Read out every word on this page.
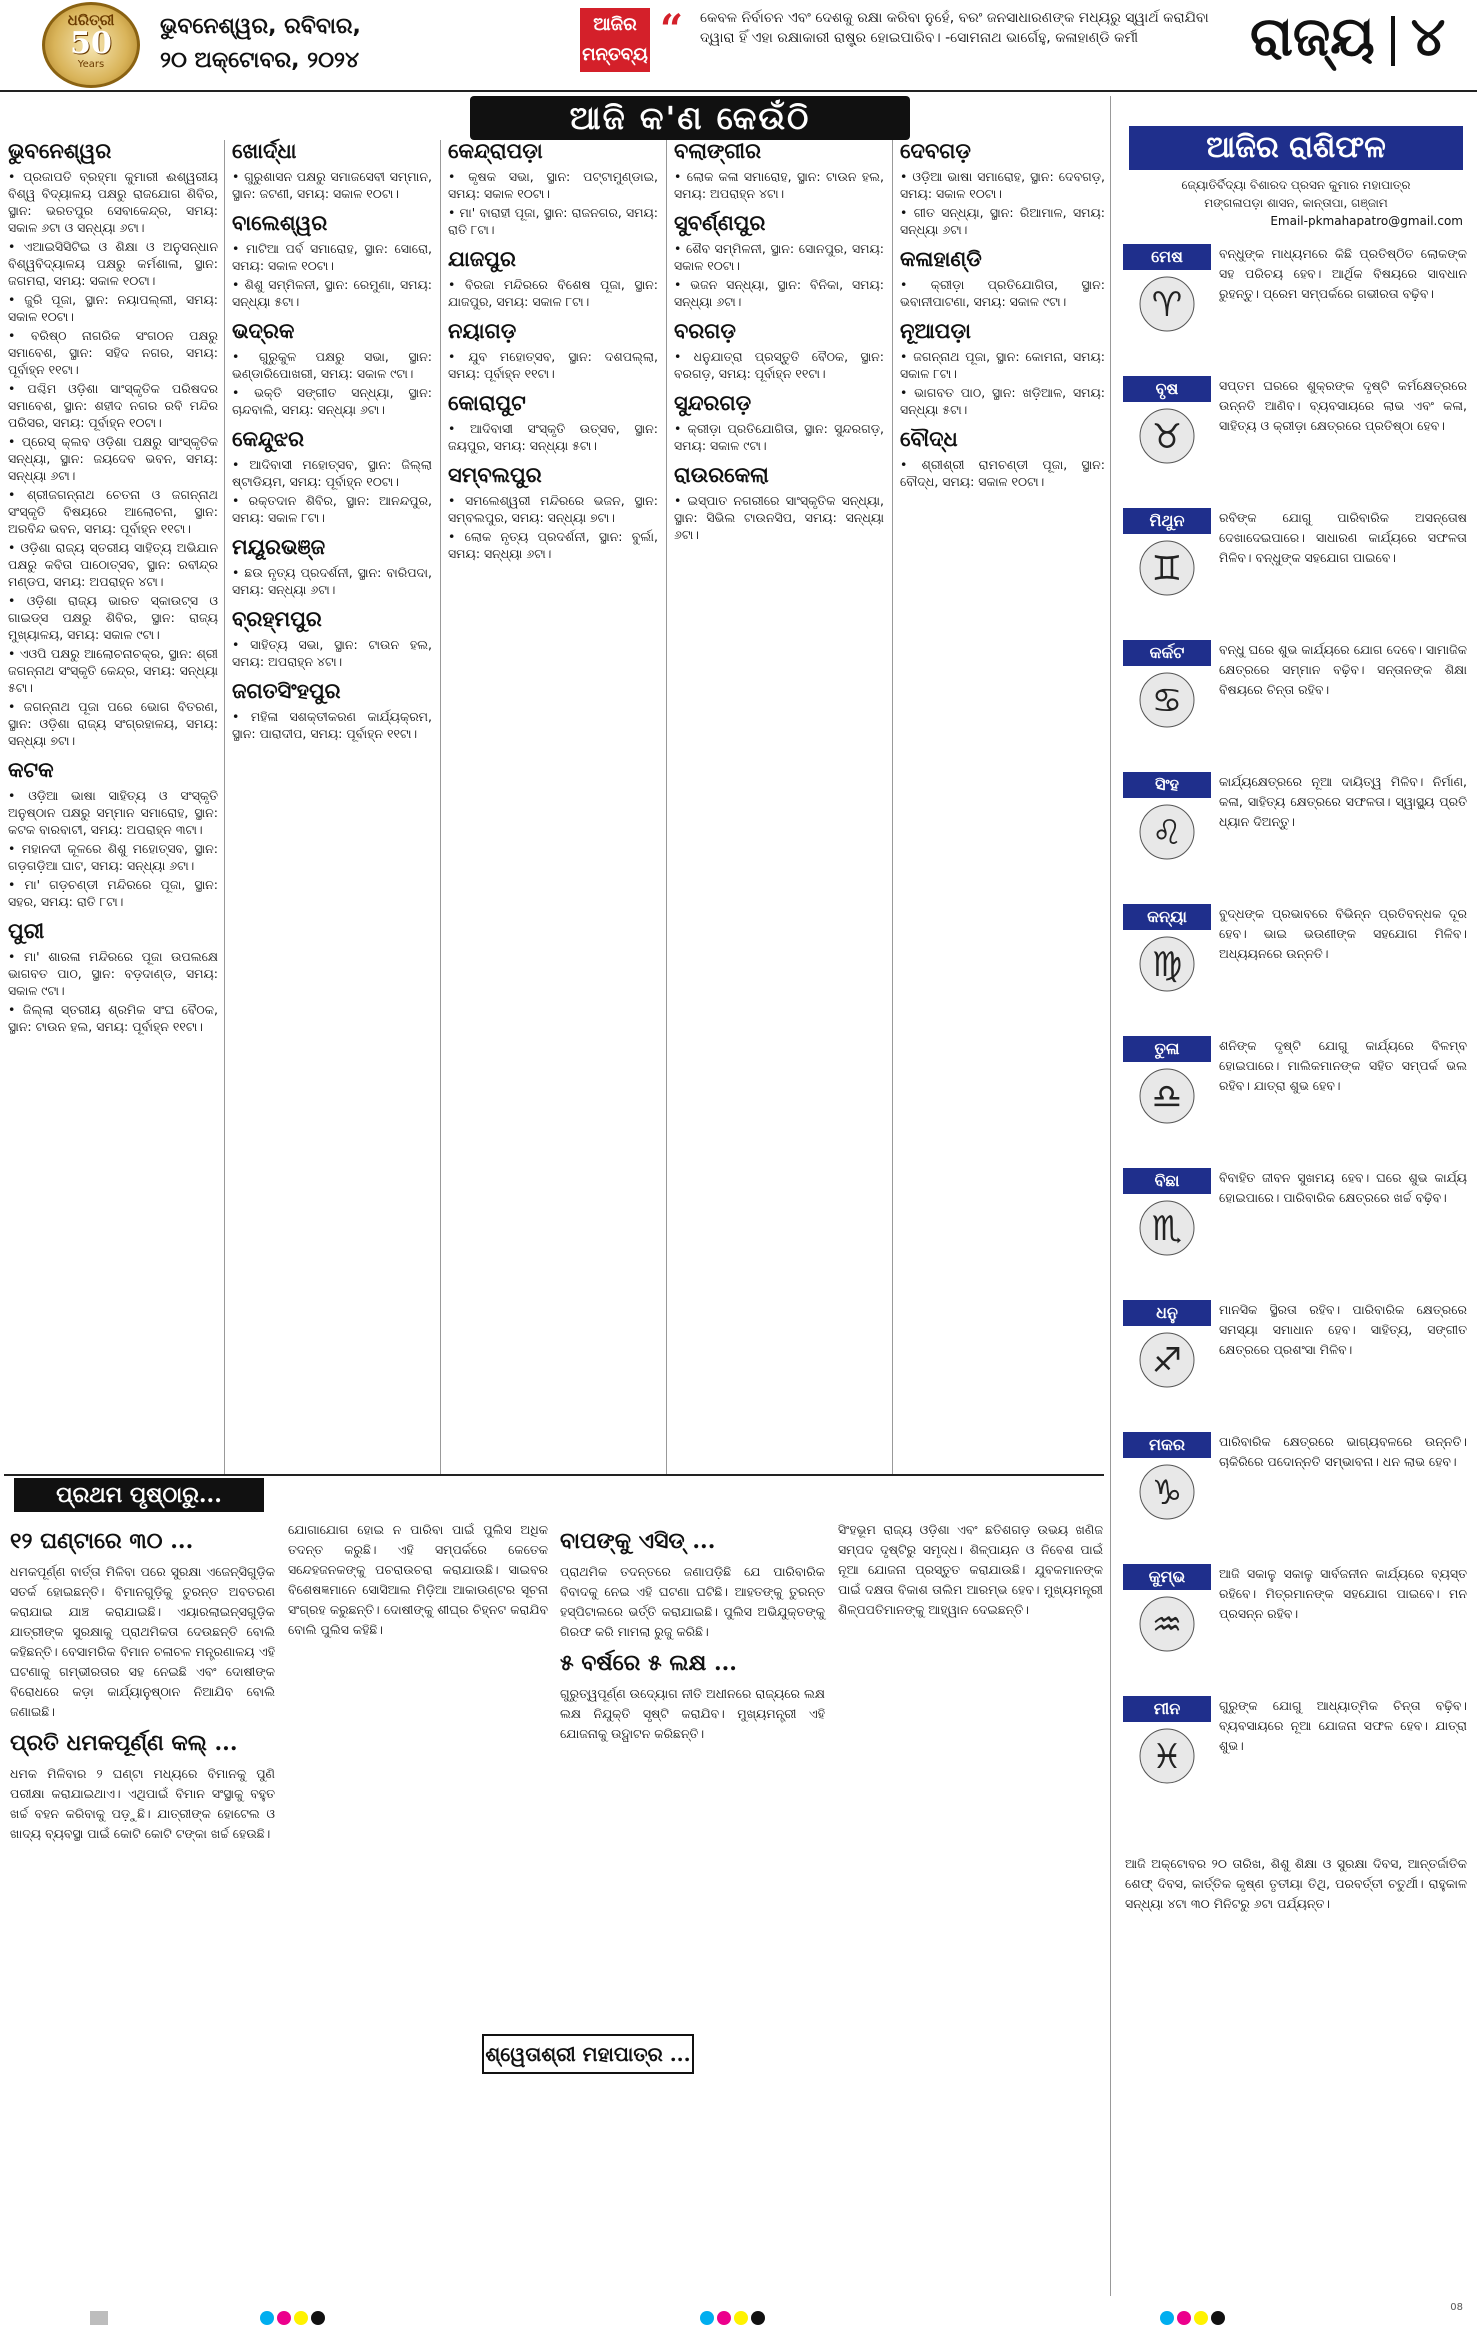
ଧରିତ୍ରୀ
50
Years
ଭୁବନେଶ୍ୱର, ରବିବାର,
୨୦ ଅକ୍ଟୋବର, ୨୦୨୪
ଆଜିର
ମନ୍ତବ୍ୟ
“ କେବଳ ନିର୍ବାଚନ ଏବଂ ଦେଶକୁ ରକ୍ଷା କରିବା ନୁହେଁ, ବରଂ ଜନସାଧାରଣଙ୍କ ମଧ୍ୟରୁ ସ୍ୱାର୍ଥ କରାଯିବା ଦ୍ୱାରା ହିଁ ଏହା ରକ୍ଷାକାରୀ ରାଷ୍ଟ୍ର ହୋଇପାରିବ। -ସୋମନାଥ ଭାର୍ଗେହୁ, କଳାହାଣ୍ଡି କର୍ମୀ	ରାଜ୍ୟ ୪
ଆଜି କ'ଣ କେଉଁଠି
ଭୁବନେଶ୍ୱର
• ପ୍ରଜାପତି ବ୍ରହ୍ମା କୁମାରୀ ଈଶ୍ୱରୀୟ ବିଶ୍ୱ ବିଦ୍ୟାଳୟ ପକ୍ଷରୁ ରାଜଯୋଗ ଶିବିର, ସ୍ଥାନ: ଭରତପୁର ସେବାକେନ୍ଦ୍ର, ସମୟ: ସକାଳ ୬ଟା ଓ ସନ୍ଧ୍ୟା ୬ଟା।
• ଏଆଇସିସିଟିଇ ଓ ଶିକ୍ଷା ଓ ଅନୁସନ୍ଧାନ ବିଶ୍ୱବିଦ୍ୟାଳୟ ପକ୍ଷରୁ କର୍ମଶାଳା, ସ୍ଥାନ: ଜଗମରା, ସମୟ: ସକାଳ ୧୦ଟା।
• ଜୁରି ପୂଜା, ସ୍ଥାନ: ନୟାପଲ୍ଲୀ, ସମୟ: ସକାଳ ୧୦ଟା।
• ବରିଷ୍ଠ ନାଗରିକ ସଂଗଠନ ପକ୍ଷରୁ ସମାବେଶ, ସ୍ଥାନ: ସହିଦ ନଗର, ସମୟ: ପୂର୍ବାହ୍ନ ୧୧ଟା।
• ପଶ୍ଚିମ ଓଡ଼ିଶା ସାଂସ୍କୃତିକ ପରିଷଦର ସମାବେଶ, ସ୍ଥାନ: ଶହୀଦ ନଗର ରବି ମନ୍ଦିର ପରିସର, ସମୟ: ପୂର୍ବାହ୍ନ ୧୦ଟା।
• ପ୍ରେସ୍ କ୍ଲବ ଓଡ଼ିଶା ପକ୍ଷରୁ ସାଂସ୍କୃତିକ ସନ୍ଧ୍ୟା, ସ୍ଥାନ: ଜୟଦେବ ଭବନ, ସମୟ: ସନ୍ଧ୍ୟା ୬ଟା।
• ଶ୍ରୀଜଗନ୍ନାଥ ଚେତନା ଓ ଜଗନ୍ନାଥ ସଂସ୍କୃତି ବିଷୟରେ ଆଲୋଚନା, ସ୍ଥାନ: ଅରବିନ୍ଦ ଭବନ, ସମୟ: ପୂର୍ବାହ୍ନ ୧୧ଟା।
• ଓଡ଼ିଶା ରାଜ୍ୟ ସ୍ତରୀୟ ସାହିତ୍ୟ ଅଭିଯାନ ପକ୍ଷରୁ କବିତା ପାଠୋତ୍ସବ, ସ୍ଥାନ: ରବୀନ୍ଦ୍ର ମଣ୍ଡପ, ସମୟ: ଅପରାହ୍ନ ୪ଟା।
• ଓଡ଼ିଶା ରାଜ୍ୟ ଭାରତ ସ୍କାଉଟ୍ସ ଓ ଗାଇଡ୍ସ ପକ୍ଷରୁ ଶିବିର, ସ୍ଥାନ: ରାଜ୍ୟ ମୁଖ୍ୟାଳୟ, ସମୟ: ସକାଳ ୯ଟା।
• ଏଓପି ପକ୍ଷରୁ ଆଲୋଚନାଚକ୍ର, ସ୍ଥାନ: ଶ୍ରୀ ଜଗନ୍ନାଥ ସଂସ୍କୃତି କେନ୍ଦ୍ର, ସମୟ: ସନ୍ଧ୍ୟା ୫ଟା।
• ଜଗନ୍ନାଥ ପୂଜା ପରେ ଭୋଗ ବିତରଣ, ସ୍ଥାନ: ଓଡ଼ିଶା ରାଜ୍ୟ ସଂଗ୍ରହାଳୟ, ସମୟ: ସନ୍ଧ୍ୟା ୭ଟା।
କଟକ
• ଓଡ଼ିଆ ଭାଷା ସାହିତ୍ୟ ଓ ସଂସ୍କୃତି ଅନୁଷ୍ଠାନ ପକ୍ଷରୁ ସମ୍ମାନ ସମାରୋହ, ସ୍ଥାନ: କଟକ ବାରବାଟୀ, ସମୟ: ଅପରାହ୍ନ ୩ଟା।
• ମହାନଦୀ କୂଳରେ ଶିଶୁ ମହୋତ୍ସବ, ସ୍ଥାନ: ଗଡ଼ଗଡ଼ିଆ ଘାଟ, ସମୟ: ସନ୍ଧ୍ୟା ୬ଟା।
• ମା' ଗଡ଼ଚଣ୍ଡୀ ମନ୍ଦିରରେ ପୂଜା, ସ୍ଥାନ: ସହର, ସମୟ: ରାତି ୮ଟା।
ପୁରୀ
• ମା' ଶାରଳା ମନ୍ଦିରରେ ପୂଜା ଉପଲକ୍ଷେ ଭାଗବତ ପାଠ, ସ୍ଥାନ: ବଡ଼ଦାଣ୍ଡ, ସମୟ: ସକାଳ ୯ଟା।
• ଜିଲ୍ଲା ସ୍ତରୀୟ ଶ୍ରମିକ ସଂଘ ବୈଠକ, ସ୍ଥାନ: ଟାଉନ ହଲ, ସମୟ: ପୂର୍ବାହ୍ନ ୧୧ଟା।
ଖୋର୍ଦ୍ଧା
• ଗୁରୁଶାସନ ପକ୍ଷରୁ ସମାଜସେବୀ ସମ୍ମାନ, ସ୍ଥାନ: ଜଟଣୀ, ସମୟ: ସକାଳ ୧୦ଟା।
ବାଲେଶ୍ୱର
• ମାଟିଆ ପର୍ବ ସମାରୋହ, ସ୍ଥାନ: ସୋରୋ, ସମୟ: ସକାଳ ୧୦ଟା।
• ଶିଶୁ ସମ୍ମିଳନୀ, ସ୍ଥାନ: ରେମୁଣା, ସମୟ: ସନ୍ଧ୍ୟା ୫ଟା।
ଭଦ୍ରକ
• ଗୁରୁକୁଳ ପକ୍ଷରୁ ସଭା, ସ୍ଥାନ: ଭଣ୍ଡାରିପୋଖରୀ, ସମୟ: ସକାଳ ୯ଟା।
• ଭକ୍ତି ସଙ୍ଗୀତ ସନ୍ଧ୍ୟା, ସ୍ଥାନ: ଚାନ୍ଦବାଲି, ସମୟ: ସନ୍ଧ୍ୟା ୬ଟା।
କେନ୍ଦୁଝର
• ଆଦିବାସୀ ମହୋତ୍ସବ, ସ୍ଥାନ: ଜିଲ୍ଲା ଷ୍ଟାଡିୟମ, ସମୟ: ପୂର୍ବାହ୍ନ ୧୦ଟା।
• ରକ୍ତଦାନ ଶିବିର, ସ୍ଥାନ: ଆନନ୍ଦପୁର, ସମୟ: ସକାଳ ୮ଟା।
ମୟୂରଭଞ୍ଜ
• ଛଉ ନୃତ୍ୟ ପ୍ରଦର୍ଶନୀ, ସ୍ଥାନ: ବାରିପଦା, ସମୟ: ସନ୍ଧ୍ୟା ୬ଟା।
ବ୍ରହ୍ମପୁର
• ସାହିତ୍ୟ ସଭା, ସ୍ଥାନ: ଟାଉନ ହଲ, ସମୟ: ଅପରାହ୍ନ ୪ଟା।
ଜଗତସିଂହପୁର
• ମହିଳା ସଶକ୍ତୀକରଣ କାର୍ଯ୍ୟକ୍ରମ, ସ୍ଥାନ: ପାରାଦୀପ, ସମୟ: ପୂର୍ବାହ୍ନ ୧୧ଟା।
କେନ୍ଦ୍ରାପଡ଼ା
• କୃଷକ ସଭା, ସ୍ଥାନ: ପଟ୍ଟାମୁଣ୍ଡାଇ, ସମୟ: ସକାଳ ୧୦ଟା।
• ମା' ବାରାହୀ ପୂଜା, ସ୍ଥାନ: ରାଜନଗର, ସମୟ: ରାତି ୮ଟା।
ଯାଜପୁର
• ବିରଜା ମନ୍ଦିରରେ ବିଶେଷ ପୂଜା, ସ୍ଥାନ: ଯାଜପୁର, ସମୟ: ସକାଳ ୮ଟା।
ନୟାଗଡ଼
• ଯୁବ ମହୋତ୍ସବ, ସ୍ଥାନ: ଦଶପଲ୍ଲା, ସମୟ: ପୂର୍ବାହ୍ନ ୧୧ଟା।
କୋରାପୁଟ
• ଆଦିବାସୀ ସଂସ୍କୃତି ଉତ୍ସବ, ସ୍ଥାନ: ଜୟପୁର, ସମୟ: ସନ୍ଧ୍ୟା ୫ଟା।
ସମ୍ବଲପୁର
• ସମଲେଶ୍ୱରୀ ମନ୍ଦିରରେ ଭଜନ, ସ୍ଥାନ: ସମ୍ବଲପୁର, ସମୟ: ସନ୍ଧ୍ୟା ୭ଟା।
• ଲୋକ ନୃତ୍ୟ ପ୍ରଦର୍ଶନୀ, ସ୍ଥାନ: ବୁର୍ଲା, ସମୟ: ସନ୍ଧ୍ୟା ୬ଟା।
ବଲାଙ୍ଗୀର
• ଲୋକ କଳା ସମାରୋହ, ସ୍ଥାନ: ଟାଉନ ହଲ, ସମୟ: ଅପରାହ୍ନ ୪ଟା।
ସୁବର୍ଣ୍ଣପୁର
• ଶୈବ ସମ୍ମିଳନୀ, ସ୍ଥାନ: ସୋନପୁର, ସମୟ: ସକାଳ ୧୦ଟା।
• ଭଜନ ସନ୍ଧ୍ୟା, ସ୍ଥାନ: ବିନିକା, ସମୟ: ସନ୍ଧ୍ୟା ୬ଟା।
ବରଗଡ଼
• ଧନୁଯାତ୍ରା ପ୍ରସ୍ତୁତି ବୈଠକ, ସ୍ଥାନ: ବରଗଡ଼, ସମୟ: ପୂର୍ବାହ୍ନ ୧୧ଟା।
ସୁନ୍ଦରଗଡ଼
• କ୍ରୀଡ଼ା ପ୍ରତିଯୋଗିତା, ସ୍ଥାନ: ସୁନ୍ଦରଗଡ଼, ସମୟ: ସକାଳ ୯ଟା।
ରାଉରକେଲା
• ଇସ୍ପାତ ନଗରୀରେ ସାଂସ୍କୃତିକ ସନ୍ଧ୍ୟା, ସ୍ଥାନ: ସିଭିଲ ଟାଉନସିପ, ସମୟ: ସନ୍ଧ୍ୟା ୬ଟା।
ଦେବଗଡ଼
• ଓଡ଼ିଆ ଭାଷା ସମାରୋହ, ସ୍ଥାନ: ଦେବଗଡ଼, ସମୟ: ସକାଳ ୧୦ଟା।
• ଗୀତ ସନ୍ଧ୍ୟା, ସ୍ଥାନ: ରିଆମାଳ, ସମୟ: ସନ୍ଧ୍ୟା ୬ଟା।
କଳାହାଣ୍ଡି
• କ୍ରୀଡ଼ା ପ୍ରତିଯୋଗିତା, ସ୍ଥାନ: ଭବାନୀପାଟଣା, ସମୟ: ସକାଳ ୯ଟା।
ନୂଆପଡ଼ା
• ଜଗନ୍ନାଥ ପୂଜା, ସ୍ଥାନ: କୋମନା, ସମୟ: ସକାଳ ୮ଟା।
• ଭାଗବତ ପାଠ, ସ୍ଥାନ: ଖଡ଼ିଆଳ, ସମୟ: ସନ୍ଧ୍ୟା ୫ଟା।
ବୌଦ୍ଧ
• ଶ୍ରୀଶ୍ରୀ ରାମଚଣ୍ଡୀ ପୂଜା, ସ୍ଥାନ: ବୌଦ୍ଧ, ସମୟ: ସକାଳ ୧୦ଟା।
ଆଜିର ରାଶିଫଳ
ଜ୍ୟୋତିର୍ବିଦ୍ୟା ବିଶାରଦ ପ୍ରସନ କୁମାର ମହାପାତ୍ର
ମଙ୍ଗଳାପଡ଼ା ଶାସନ, କାନ୍ତାପା, ଗଞ୍ଜାମ
Email-pkmahapatro@gmail.com
ମେଷ
♈
ବନ୍ଧୁଙ୍କ ମାଧ୍ୟମରେ କିଛି ପ୍ରତିଷ୍ଠିତ ଲୋକଙ୍କ ସହ ପରିଚୟ ହେବ। ଆର୍ଥିକ ବିଷୟରେ ସାବଧାନ ରୁହନ୍ତୁ। ପ୍ରେମ ସମ୍ପର୍କରେ ଗଭୀରତା ବଢ଼ିବ।
ବୃଷ
♉
ସପ୍ତମ ଘରରେ ଶୁକ୍ରଙ୍କ ଦୃଷ୍ଟି କର୍ମକ୍ଷେତ୍ରରେ ଉନ୍ନତି ଆଣିବ। ବ୍ୟବସାୟରେ ଲାଭ ଏବଂ କଳା, ସାହିତ୍ୟ ଓ କ୍ରୀଡ଼ା କ୍ଷେତ୍ରରେ ପ୍ରତିଷ୍ଠା ହେବ।
ମିଥୁନ
♊
ରବିଙ୍କ ଯୋଗୁ ପାରିବାରିକ ଅସନ୍ତୋଷ ଦେଖାଦେଇପାରେ। ସାଧାରଣ କାର୍ଯ୍ୟରେ ସଫଳତା ମିଳିବ। ବନ୍ଧୁଙ୍କ ସହଯୋଗ ପାଇବେ।
କର୍କଟ
♋
ବନ୍ଧୁ ଘରେ ଶୁଭ କାର୍ଯ୍ୟରେ ଯୋଗ ଦେବେ। ସାମାଜିକ କ୍ଷେତ୍ରରେ ସମ୍ମାନ ବଢ଼ିବ। ସନ୍ତାନଙ୍କ ଶିକ୍ଷା ବିଷୟରେ ଚିନ୍ତା ରହିବ।
ସିଂହ
♌
କାର୍ଯ୍ୟକ୍ଷେତ୍ରରେ ନୂଆ ଦାୟିତ୍ୱ ମିଳିବ। ନିର୍ମାଣ, କଳା, ସାହିତ୍ୟ କ୍ଷେତ୍ରରେ ସଫଳତା। ସ୍ୱାସ୍ଥ୍ୟ ପ୍ରତି ଧ୍ୟାନ ଦିଅନ୍ତୁ।
କନ୍ୟା
♍
ବୁଦ୍ଧଙ୍କ ପ୍ରଭାବରେ ବିଭିନ୍ନ ପ୍ରତିବନ୍ଧକ ଦୂର ହେବ। ଭାଇ ଭଉଣୀଙ୍କ ସହଯୋଗ ମିଳିବ। ଅଧ୍ୟୟନରେ ଉନ୍ନତି।
ତୁଳା
♎
ଶନିଙ୍କ ଦୃଷ୍ଟି ଯୋଗୁ କାର୍ଯ୍ୟରେ ବିଳମ୍ବ ହୋଇପାରେ। ମାଲିକମାନଙ୍କ ସହିତ ସମ୍ପର୍କ ଭଲ ରହିବ। ଯାତ୍ରା ଶୁଭ ହେବ।
ବିଛା
♏
ବିବାହିତ ଜୀବନ ସୁଖମୟ ହେବ। ଘରେ ଶୁଭ କାର୍ଯ୍ୟ ହୋଇପାରେ। ପାରିବାରିକ କ୍ଷେତ୍ରରେ ଖର୍ଚ୍ଚ ବଢ଼ିବ।
ଧନୁ
♐
ମାନସିକ ସ୍ଥିରତା ରହିବ। ପାରିବାରିକ କ୍ଷେତ୍ରରେ ସମସ୍ୟା ସମାଧାନ ହେବ। ସାହିତ୍ୟ, ସଙ୍ଗୀତ କ୍ଷେତ୍ରରେ ପ୍ରଶଂସା ମିଳିବ।
ମକର
♑
ପାରିବାରିକ କ୍ଷେତ୍ରରେ ଭାଗ୍ୟବଳରେ ଉନ୍ନତି। ଚାକିରିରେ ପଦୋନ୍ନତି ସମ୍ଭାବନା। ଧନ ଲାଭ ହେବ।
କୁମ୍ଭ
♒
ଆଜି ସକାଳୁ ସକାଳୁ ସାର୍ବଜନୀନ କାର୍ଯ୍ୟରେ ବ୍ୟସ୍ତ ରହିବେ। ମିତ୍ରମାନଙ୍କ ସହଯୋଗ ପାଇବେ। ମନ ପ୍ରସନ୍ନ ରହିବ।
ମୀନ
♓
ଗୁରୁଙ୍କ ଯୋଗୁ ଆଧ୍ୟାତ୍ମିକ ଚିନ୍ତା ବଢ଼ିବ। ବ୍ୟବସାୟରେ ନୂଆ ଯୋଜନା ସଫଳ ହେବ। ଯାତ୍ରା ଶୁଭ।
ଆଜି ଅକ୍ଟୋବର ୨୦ ତାରିଖ, ଶିଶୁ ଶିକ୍ଷା ଓ ସୁରକ୍ଷା ଦିବସ, ଆନ୍ତର୍ଜାତିକ ଶେଫ୍ ଦିବସ, କାର୍ତ୍ତିକ କୃଷ୍ଣ ତୃତୀୟା ତିଥି, ପରବର୍ତ୍ତୀ ଚତୁର୍ଥୀ। ରାହୁକାଳ ସନ୍ଧ୍ୟା ୪ଟା ୩୦ ମିନିଟରୁ ୬ଟା ପର୍ଯ୍ୟନ୍ତ।
ପ୍ରଥମ ପୃଷ୍ଠାରୁ...
୧୨ ଘଣ୍ଟାରେ ୩୦ ...
ଧମକପୂର୍ଣ୍ଣ ବାର୍ତ୍ତା ମିଳିବା ପରେ ସୁରକ୍ଷା ଏଜେନ୍ସିଗୁଡ଼ିକ ସତର୍କ ହୋଇଛନ୍ତି। ବିମାନଗୁଡ଼ିକୁ ତୁରନ୍ତ ଅବତରଣ କରାଯାଇ ଯାଞ୍ଚ କରାଯାଇଛି। ଏୟାରଲାଇନ୍ସଗୁଡ଼ିକ ଯାତ୍ରୀଙ୍କ ସୁରକ୍ଷାକୁ ପ୍ରାଥମିକତା ଦେଉଛନ୍ତି ବୋଲି କହିଛନ୍ତି। ବେସାମରିକ ବିମାନ ଚଳାଚଳ ମନ୍ତ୍ରଣାଳୟ ଏହି ଘଟଣାକୁ ଗମ୍ଭୀରତାର ସହ ନେଇଛି ଏବଂ ଦୋଷୀଙ୍କ ବିରୋଧରେ କଡ଼ା କାର୍ଯ୍ୟାନୁଷ୍ଠାନ ନିଆଯିବ ବୋଲି ଜଣାଇଛି।
ପ୍ରତି ଧମକପୂର୍ଣ୍ଣ କଲ୍ ...
ଧମକ ମିଳିବାର ୨ ଘଣ୍ଟା ମଧ୍ୟରେ ବିମାନକୁ ପୁଣି ପରୀକ୍ଷା କରାଯାଇଥାଏ। ଏଥିପାଇଁ ବିମାନ ସଂସ୍ଥାକୁ ବହୁତ ଖର୍ଚ୍ଚ ବହନ କରିବାକୁ ପଡ଼ୁଛି। ଯାତ୍ରୀଙ୍କ ହୋଟେଲ ଓ ଖାଦ୍ୟ ବ୍ୟବସ୍ଥା ପାଇଁ କୋଟି କୋଟି ଟଙ୍କା ଖର୍ଚ୍ଚ ହେଉଛି।
ଯୋଗାଯୋଗ ହୋଇ ନ ପାରିବା ପାଇଁ ପୁଲିସ ଅଧିକ ତଦନ୍ତ କରୁଛି। ଏହି ସମ୍ପର୍କରେ କେତେକ ସନ୍ଦେହଜନକଙ୍କୁ ପଚରାଉଚରା କରାଯାଉଛି। ସାଇବର ବିଶେଷଜ୍ଞମାନେ ସୋସିଆଲ ମିଡ଼ିଆ ଆକାଉଣ୍ଟର ସୂଚନା ସଂଗ୍ରହ କରୁଛନ୍ତି। ଦୋଷୀଙ୍କୁ ଶୀଘ୍ର ଚିହ୍ନଟ କରାଯିବ ବୋଲି ପୁଲିସ କହିଛି।
ବାପଙ୍କୁ ଏସିଡ୍ ...
ପ୍ରାଥମିକ ତଦନ୍ତରେ ଜଣାପଡ଼ିଛି ଯେ ପାରିବାରିକ ବିବାଦକୁ ନେଇ ଏହି ଘଟଣା ଘଟିଛି। ଆହତଙ୍କୁ ତୁରନ୍ତ ହସ୍ପିଟାଲରେ ଭର୍ତ୍ତି କରାଯାଇଛି। ପୁଲିସ ଅଭିଯୁକ୍ତଙ୍କୁ ଗିରଫ କରି ମାମଲା ରୁଜୁ କରିଛି।
୫ ବର୍ଷରେ ୫ ଲକ୍ଷ ...
ଗୁରୁତ୍ୱପୂର୍ଣ୍ଣ ଉଦ୍ୟୋଗ ନୀତି ଅଧୀନରେ ରାଜ୍ୟରେ ଲକ୍ଷ ଲକ୍ଷ ନିଯୁକ୍ତି ସୃଷ୍ଟି କରାଯିବ। ମୁଖ୍ୟମନ୍ତ୍ରୀ ଏହି ଯୋଜନାକୁ ଉଦ୍ଘାଟନ କରିଛନ୍ତି।
ସିଂହଭୂମ ରାଜ୍ୟ ଓଡ଼ିଶା ଏବଂ ଛତିଶଗଡ଼ ଉଭୟ ଖଣିଜ ସମ୍ପଦ ଦୃଷ୍ଟିରୁ ସମୃଦ୍ଧ। ଶିଳ୍ପାୟନ ଓ ନିବେଶ ପାଇଁ ନୂଆ ଯୋଜନା ପ୍ରସ୍ତୁତ କରାଯାଉଛି। ଯୁବକମାନଙ୍କ ପାଇଁ ଦକ୍ଷତା ବିକାଶ ତାଲିମ ଆରମ୍ଭ ହେବ। ମୁଖ୍ୟମନ୍ତ୍ରୀ ଶିଳ୍ପପତିମାନଙ୍କୁ ଆହ୍ୱାନ ଦେଇଛନ୍ତି।
ଶ୍ୱେତାଶ୍ରୀ ମହାପାତ୍ର ...
08
